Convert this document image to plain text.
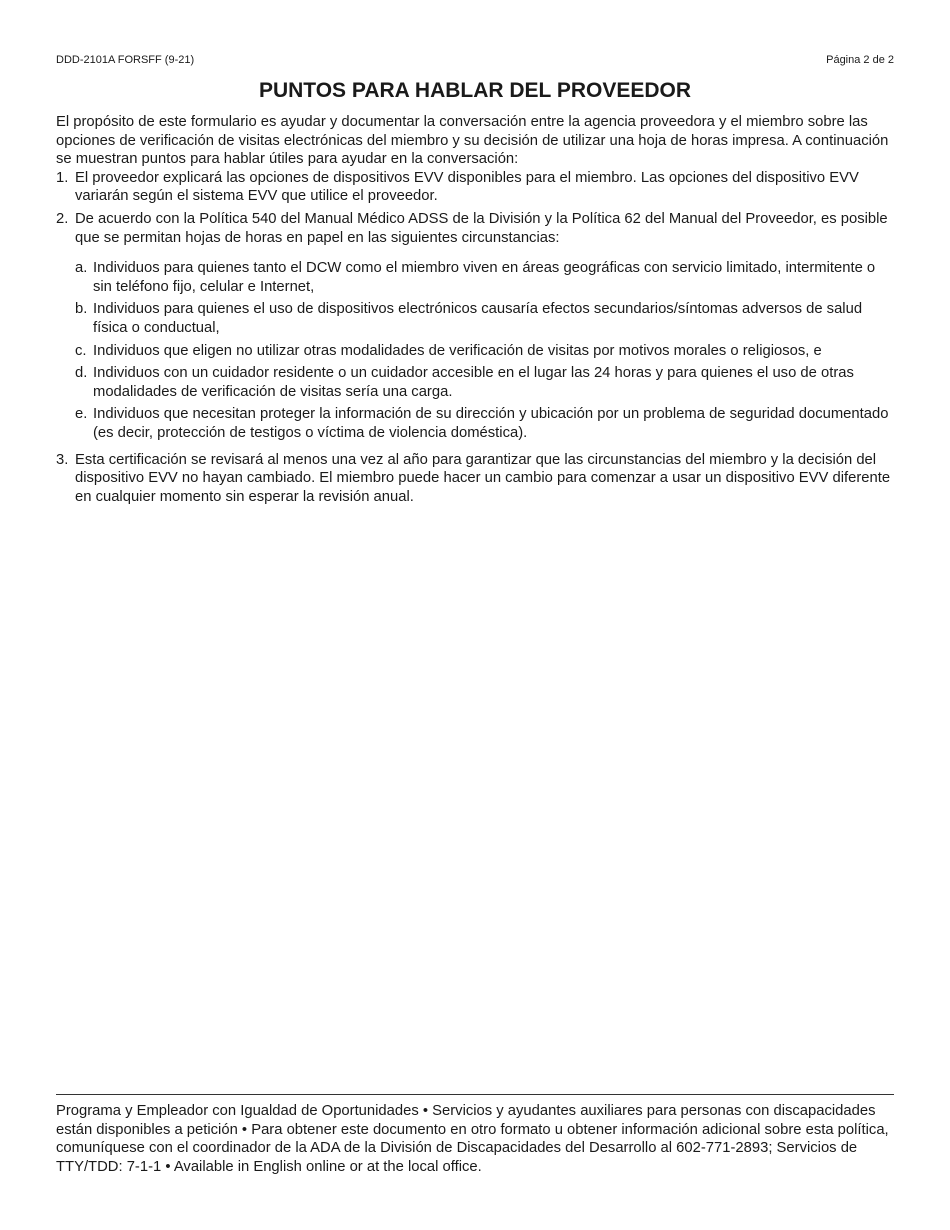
DDD-2101A FORSFF (9-21)	Página 2 de 2
PUNTOS PARA HABLAR DEL PROVEEDOR

El propósito de este formulario es ayudar y documentar la conversación entre la agencia proveedora y el miembro sobre las opciones de verificación de visitas electrónicas del miembro y su decisión de utilizar una hoja de horas impresa. A continuación se muestran puntos para hablar útiles para ayudar en la conversación:

1. El proveedor explicará las opciones de dispositivos EVV disponibles para el miembro. Las opciones del dispositivo EVV variarán según el sistema EVV que utilice el proveedor.
2. De acuerdo con la Política 540 del Manual Médico ADSS de la División y la Política 62 del Manual del Proveedor, es posible que se permitan hojas de horas en papel en las siguientes circunstancias:
a. Individuos para quienes tanto el DCW como el miembro viven en áreas geográficas con servicio limitado, intermitente o sin teléfono fijo, celular e Internet,
b. Individuos para quienes el uso de dispositivos electrónicos causaría efectos secundarios/síntomas adversos de salud física o conductual,
c. Individuos que eligen no utilizar otras modalidades de verificación de visitas por motivos morales o religiosos, e
d. Individuos con un cuidador residente o un cuidador accesible en el lugar las 24 horas y para quienes el uso de otras modalidades de verificación de visitas sería una carga.
e. Individuos que necesitan proteger la información de su dirección y ubicación por un problema de seguridad documentado (es decir, protección de testigos o víctima de violencia doméstica).
3. Esta certificación se revisará al menos una vez al año para garantizar que las circunstancias del miembro y la decisión del dispositivo EVV no hayan cambiado. El miembro puede hacer un cambio para comenzar a usar un dispositivo EVV diferente en cualquier momento sin esperar la revisión anual.
Programa y Empleador con Igualdad de Oportunidades • Servicios y ayudantes auxiliares para personas con discapacidades están disponibles a petición • Para obtener este documento en otro formato u obtener información adicional sobre esta política, comuníquese con el coordinador de la ADA de la División de Discapacidades del Desarrollo al 602-771-2893; Servicios de TTY/TDD: 7-1-1 • Available in English online or at the local office.
